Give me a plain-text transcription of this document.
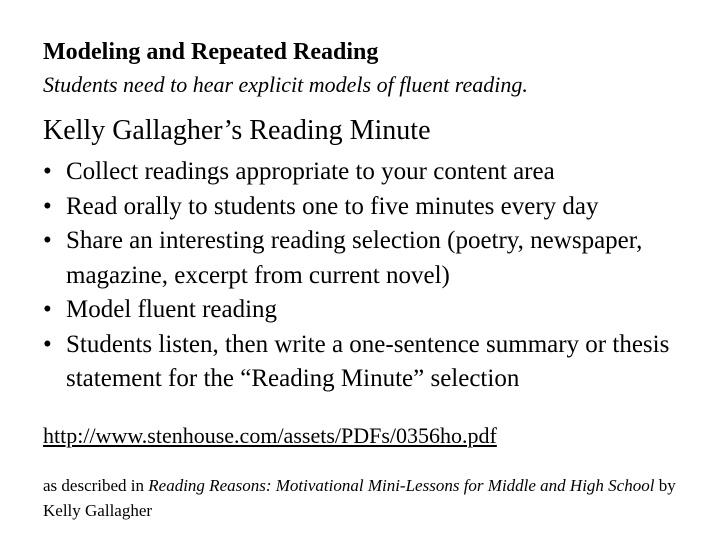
Modeling and Repeated Reading
Students need to hear explicit models of fluent reading.
Kelly Gallagher’s Reading Minute
• Collect readings appropriate to your content area
• Read orally to students one to five minutes every day
• Share an interesting reading selection (poetry, newspaper, magazine, excerpt from current novel)
• Model fluent reading
• Students listen, then write a one-sentence summary or thesis statement for the “Reading Minute” selection
http://www.stenhouse.com/assets/PDFs/0356ho.pdf
as described in Reading Reasons: Motivational Mini-Lessons for Middle and High School by Kelly Gallagher
